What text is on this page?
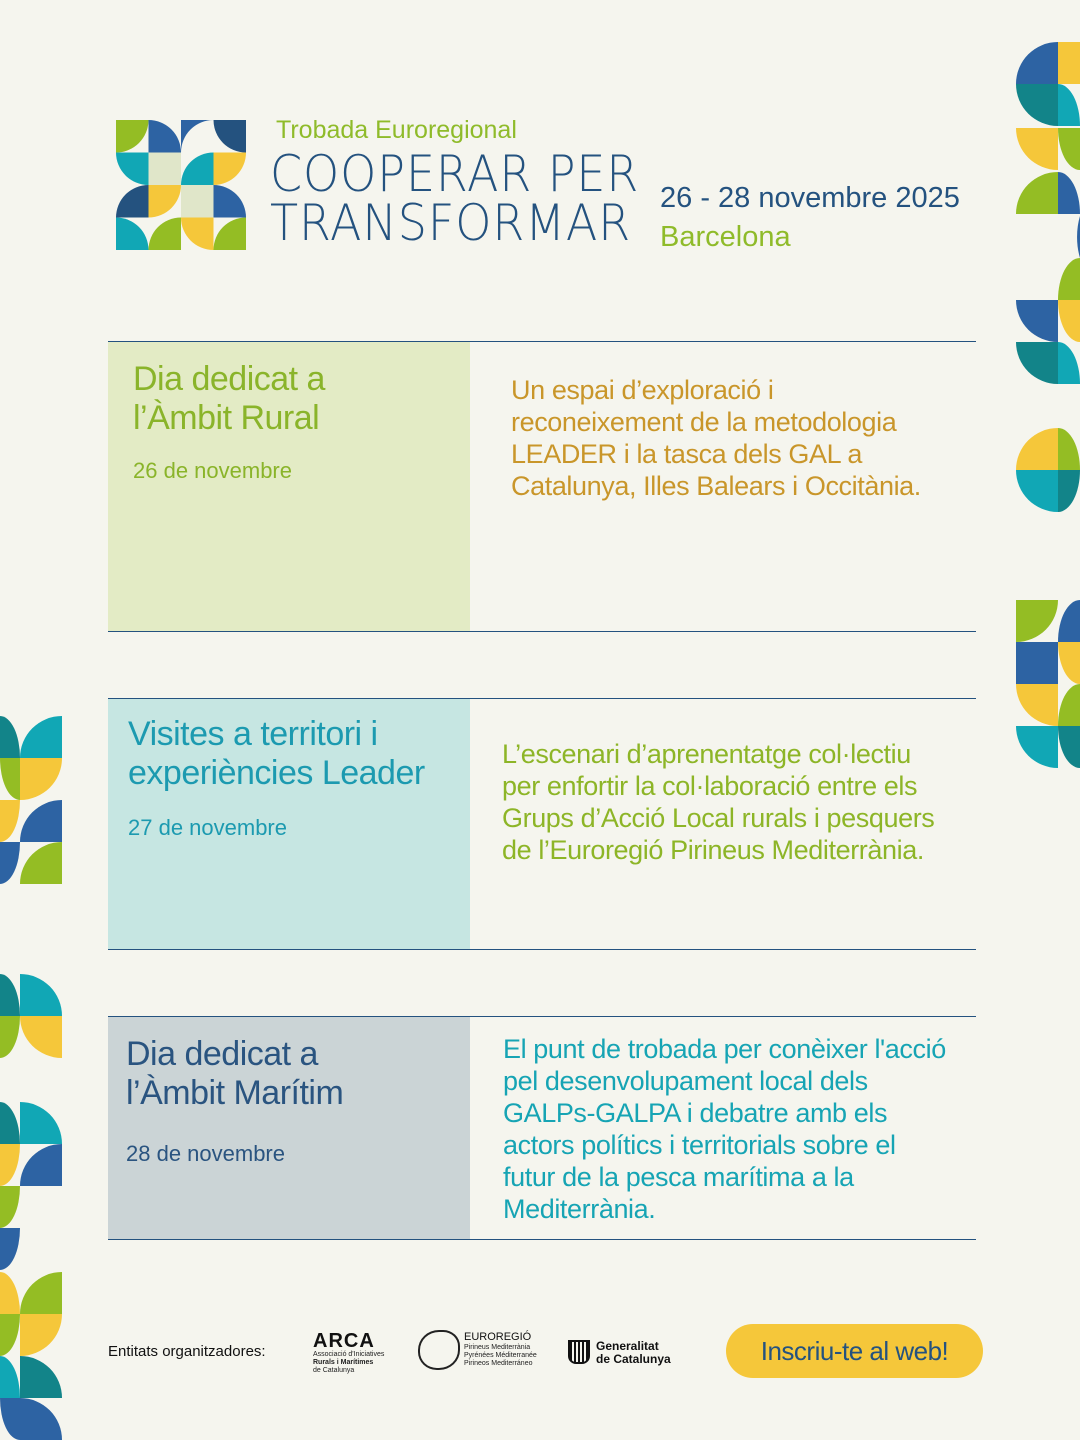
Trobada Euroregional
COOPERAR PER
TRANSFORMAR 26 - 28 novembre 2025
Barcelona
Dia dedicat a
l’Àmbit Rural
26 de novembre

Un espai d’exploració i reconeixement de la metodologia LEADER i la tasca dels GAL a Catalunya, Illes Balears i Occitània.

Visites a territori i
experiències Leader
27 de novembre

L’escenari d’aprenentatge col·lectiu per enfortir la col·laboració entre els Grups d’Acció Local rurals i pesquers de l’Euroregió Pirineus Mediterrània.

Dia dedicat a
l’Àmbit Marítim
28 de novembre

El punt de trobada per conèixer l'acció pel desenvolupament local dels GALPs-GALPA i debatre amb els actors polítics i territorials sobre el futur de la pesca marítima a la Mediterrània.

Entitats organitzadores: ARCA
Associació d'Iniciatives
Rurals i Marítimes
de Catalunya
EUROREGIÓ
Pirineus Mediterrània
Pyrénées Méditerranée
Pirineos Mediterráneo
Generalitat
de Catalunya	Inscriu-te al web!
